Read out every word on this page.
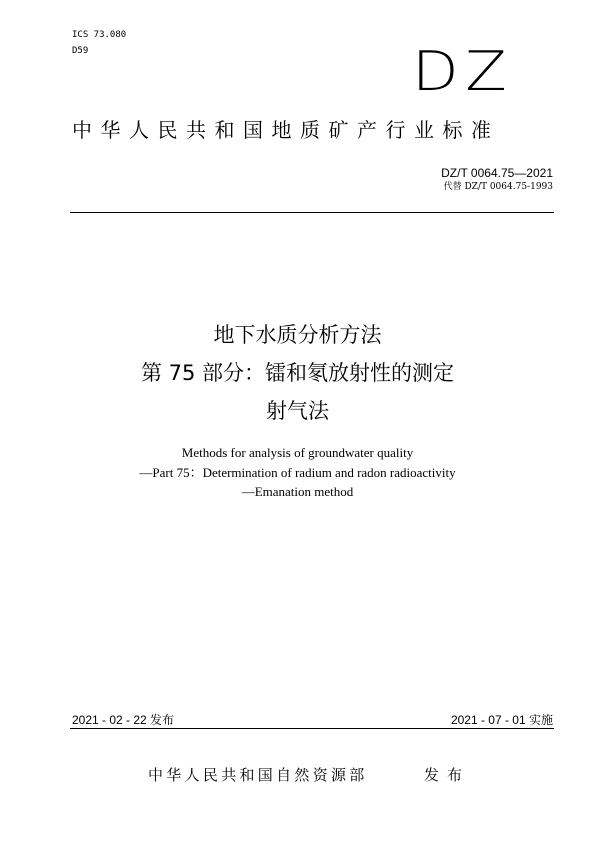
ICS 73.080
D59	DZ
中华人民共和国地质矿产行业标准
DZ/T 0064.75—2021
代替 DZ/T 0064.75-1993
地下水质分析方法
第 75 部分：镭和氡放射性的测定
射气法
Methods for analysis of groundwater quality
—Part 75：Determination of radium and radon radioactivity
—Emanation method
2021 - 02 - 22 发布	2021 - 07 - 01 实施
中华人民共和国自然资源部	发布
